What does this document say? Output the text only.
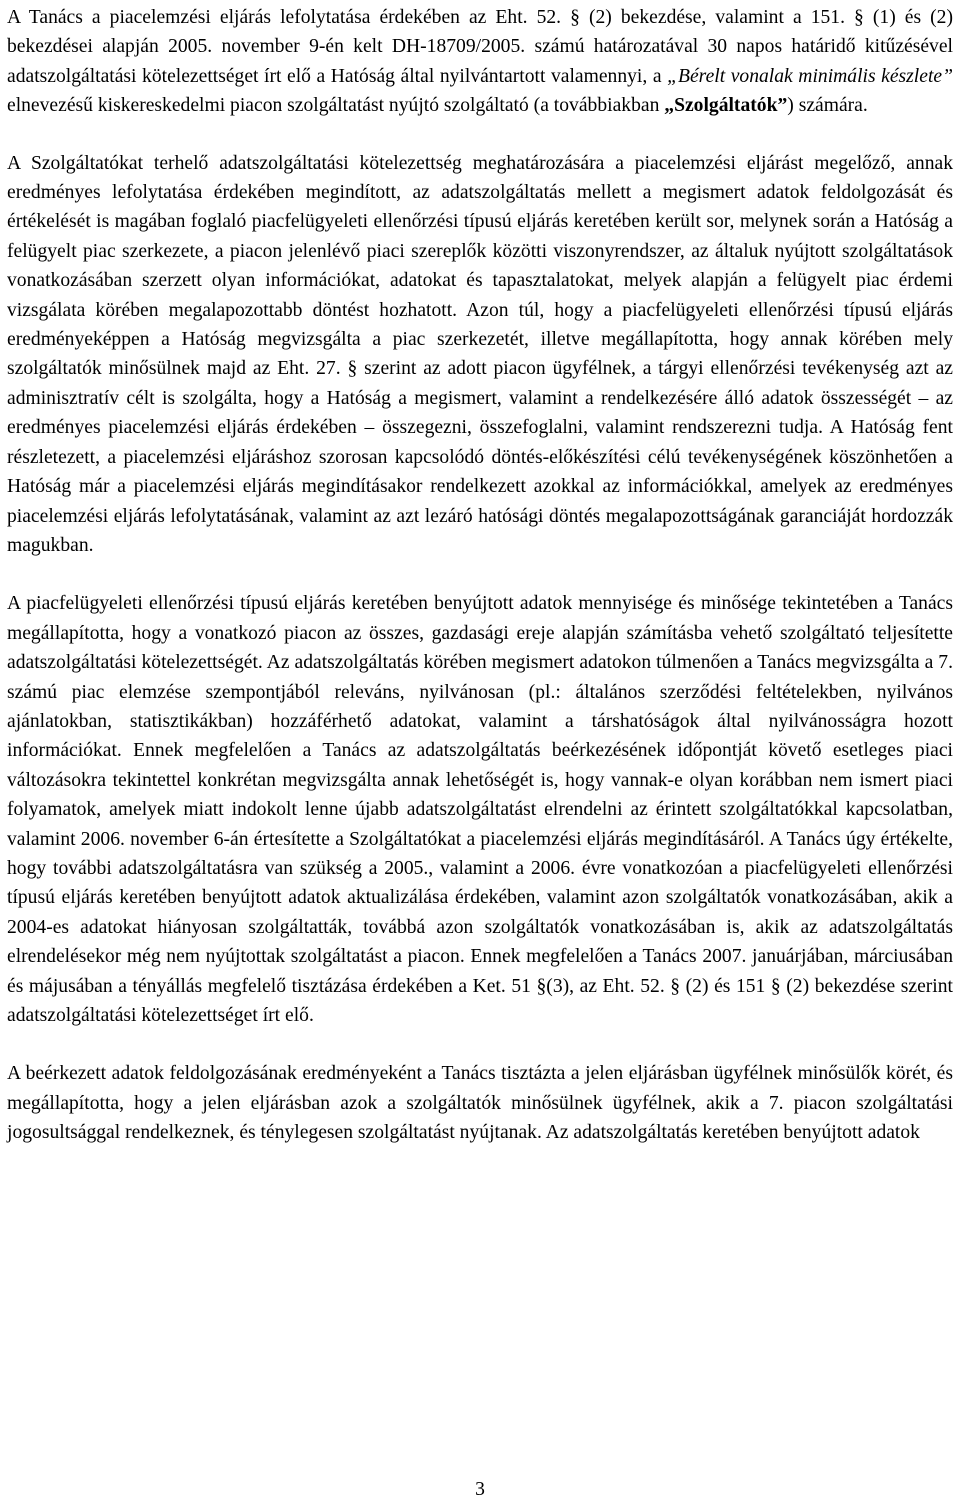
A Tanács a piacelemzési eljárás lefolytatása érdekében az Eht. 52. § (2) bekezdése, valamint a 151. § (1) és (2) bekezdései alapján 2005. november 9-én kelt DH-18709/2005. számú határozatával 30 napos határidő kitűzésével adatszolgáltatási kötelezettséget írt elő a Hatóság által nyilvántartott valamennyi, a „Bérelt vonalak minimális készlete” elnevezésű kiskereskedelmi piacon szolgáltatást nyújtó szolgáltató (a továbbiakban „Szolgáltatók”) számára.

A Szolgáltatókat terhelő adatszolgáltatási kötelezettség meghatározására a piacelemzési eljárást megelőző, annak eredményes lefolytatása érdekében megindított, az adatszolgáltatás mellett a megismert adatok feldolgozását és értékelését is magában foglaló piacfelügyeleti ellenőrzési típusú eljárás keretében került sor, melynek során a Hatóság a felügyelt piac szerkezete, a piacon jelenlévő piaci szereplők közötti viszonyrendszer, az általuk nyújtott szolgáltatások vonatkozásában szerzett olyan információkat, adatokat és tapasztalatokat, melyek alapján a felügyelt piac érdemi vizsgálata körében megalapozottabb döntést hozhatott. Azon túl, hogy a piacfelügyeleti ellenőrzési típusú eljárás eredményeképpen a Hatóság megvizsgálta a piac szerkezetét, illetve megállapította, hogy annak körében mely szolgáltatók minősülnek majd az Eht. 27. § szerint az adott piacon ügyfélnek, a tárgyi ellenőrzési tevékenység azt az adminisztratív célt is szolgálta, hogy a Hatóság a megismert, valamint a rendelkezésére álló adatok összességét – az eredményes piacelemzési eljárás érdekében – összegezni, összefoglalni, valamint rendszerezni tudja. A Hatóság fent részletezett, a piacelemzési eljáráshoz szorosan kapcsolódó döntés-előkészítési célú tevékenységének köszönhetően a Hatóság már a piacelemzési eljárás megindításakor rendelkezett azokkal az információkkal, amelyek az eredményes piacelemzési eljárás lefolytatásának, valamint az azt lezáró hatósági döntés megalapozottságának garanciáját hordozzák magukban.

A piacfelügyeleti ellenőrzési típusú eljárás keretében benyújtott adatok mennyisége és minősége tekintetében a Tanács megállapította, hogy a vonatkozó piacon az összes, gazdasági ereje alapján számításba vehető szolgáltató teljesítette adatszolgáltatási kötelezettségét. Az adatszolgáltatás körében megismert adatokon túlmenően a Tanács megvizsgálta a 7. számú piac elemzése szempontjából releváns, nyilvánosan (pl.: általános szerződési feltételekben, nyilvános ajánlatokban, statisztikákban) hozzáférhető adatokat, valamint a társhatóságok által nyilvánosságra hozott információkat. Ennek megfelelően a Tanács az adatszolgáltatás beérkezésének időpontját követő esetleges piaci változásokra tekintettel konkrétan megvizsgálta annak lehetőségét is, hogy vannak-e olyan korábban nem ismert piaci folyamatok, amelyek miatt indokolt lenne újabb adatszolgáltatást elrendelni az érintett szolgáltatókkal kapcsolatban, valamint 2006. november 6-án értesítette a Szolgáltatókat a piacelemzési eljárás megindításáról. A Tanács úgy értékelte, hogy további adatszolgáltatásra van szükség a 2005., valamint a 2006. évre vonatkozóan a piacfelügyeleti ellenőrzési típusú eljárás keretében benyújtott adatok aktualizálása érdekében, valamint azon szolgáltatók vonatkozásában, akik a 2004-es adatokat hiányosan szolgáltatták, továbbá azon szolgáltatók vonatkozásában is, akik az adatszolgáltatás elrendelésekor még nem nyújtottak szolgáltatást a piacon. Ennek megfelelően a Tanács 2007. januárjában, márciusában és májusában a tényállás megfelelő tisztázása érdekében a Ket. 51 §(3), az Eht. 52. § (2) és 151 § (2) bekezdése szerint adatszolgáltatási kötelezettséget írt elő.

A beérkezett adatok feldolgozásának eredményeként a Tanács tisztázta a jelen eljárásban ügyfélnek minősülők körét, és megállapította, hogy a jelen eljárásban azok a szolgáltatók minősülnek ügyfélnek, akik a 7. piacon szolgáltatási jogosultsággal rendelkeznek, és ténylegesen szolgáltatást nyújtanak. Az adatszolgáltatás keretében benyújtott adatok

3
